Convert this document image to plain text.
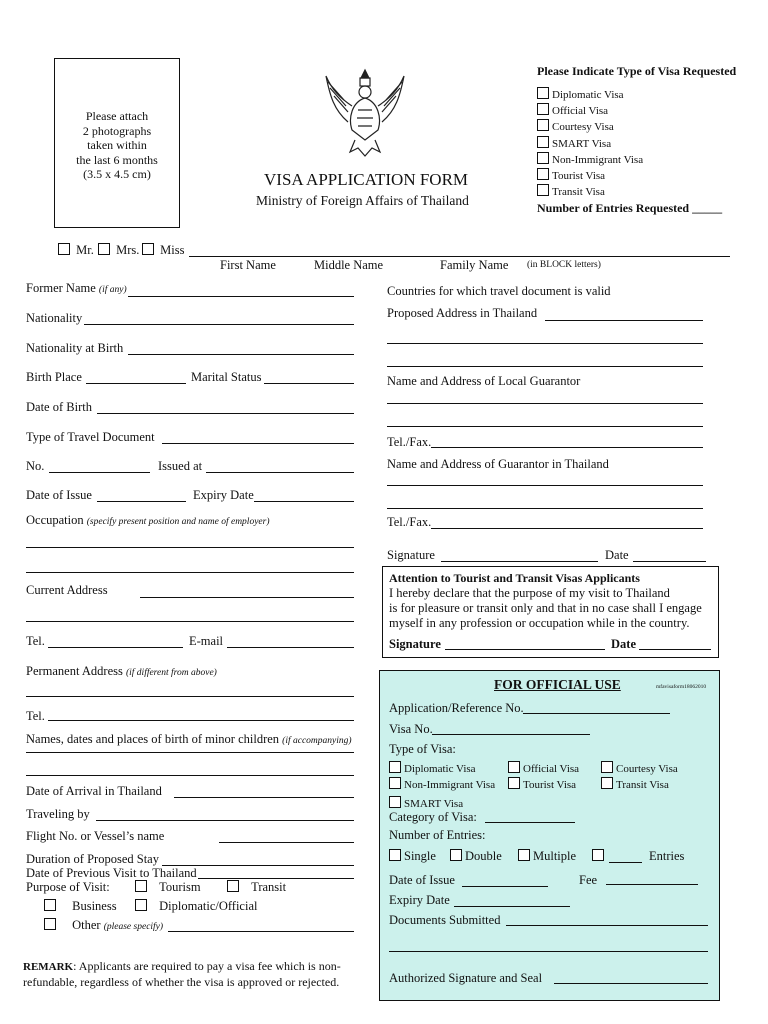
Please attach
2 photographs
taken within
the last 6 months
(3.5 x 4.5 cm)	VISA APPLICATION FORM
Ministry of Foreign Affairs of Thailand
Please Indicate Type of Visa Requested
Diplomatic Visa
Official Visa
Courtesy Visa
SMART Visa
Non-Immigrant Visa
Tourist Visa
Transit Visa
Number of Entries Requested _____
Mr.	Mrs.	Miss
First Name	Middle Name	Family Name (in BLOCK letters)
Former Name (if any)
Nationality
Nationality at Birth
Birth Place	Marital Status
Date of Birth
Type of Travel Document
No.	Issued at
Date of Issue	Expiry Date
Occupation (specify present position and name of employer)
Current Address
Tel.	E-mail
Permanent Address (if different from above)
Tel.
Names, dates and places of birth of minor children (if accompanying)
Date of Arrival in Thailand
Traveling by
Flight No. or Vessel’s name
Duration of Proposed Stay
Date of Previous Visit to Thailand
Purpose of Visit:	Tourism	Transit
Business	Diplomatic/Official
Other (please specify)
REMARK: Applicants are required to pay a visa fee which is non-
refundable, regardless of whether the visa is approved or rejected.
Countries for which travel document is valid
Proposed Address in Thailand
Name and Address of Local Guarantor
Tel./Fax.
Name and Address of Guarantor in Thailand
Tel./Fax.
Signature	Date
Attention to Tourist and Transit Visas Applicants
I hereby declare that the purpose of my visit to Thailand
is for pleasure or transit only and that in no case shall I engage
myself in any profession or occupation while in the country.
Signature	Date
FOR OFFICIAL USE	mfavisaform18062010
Application/Reference No.
Visa No.
Type of Visa:
Diplomatic Visa	Official Visa	Courtesy Visa
Non-Immigrant Visa	Tourist Visa	Transit Visa
SMART Visa
Category of Visa:
Number of Entries:
Single	Double	Multiple	Entries
Date of Issue	Fee
Expiry Date
Documents Submitted
Authorized Signature and Seal
